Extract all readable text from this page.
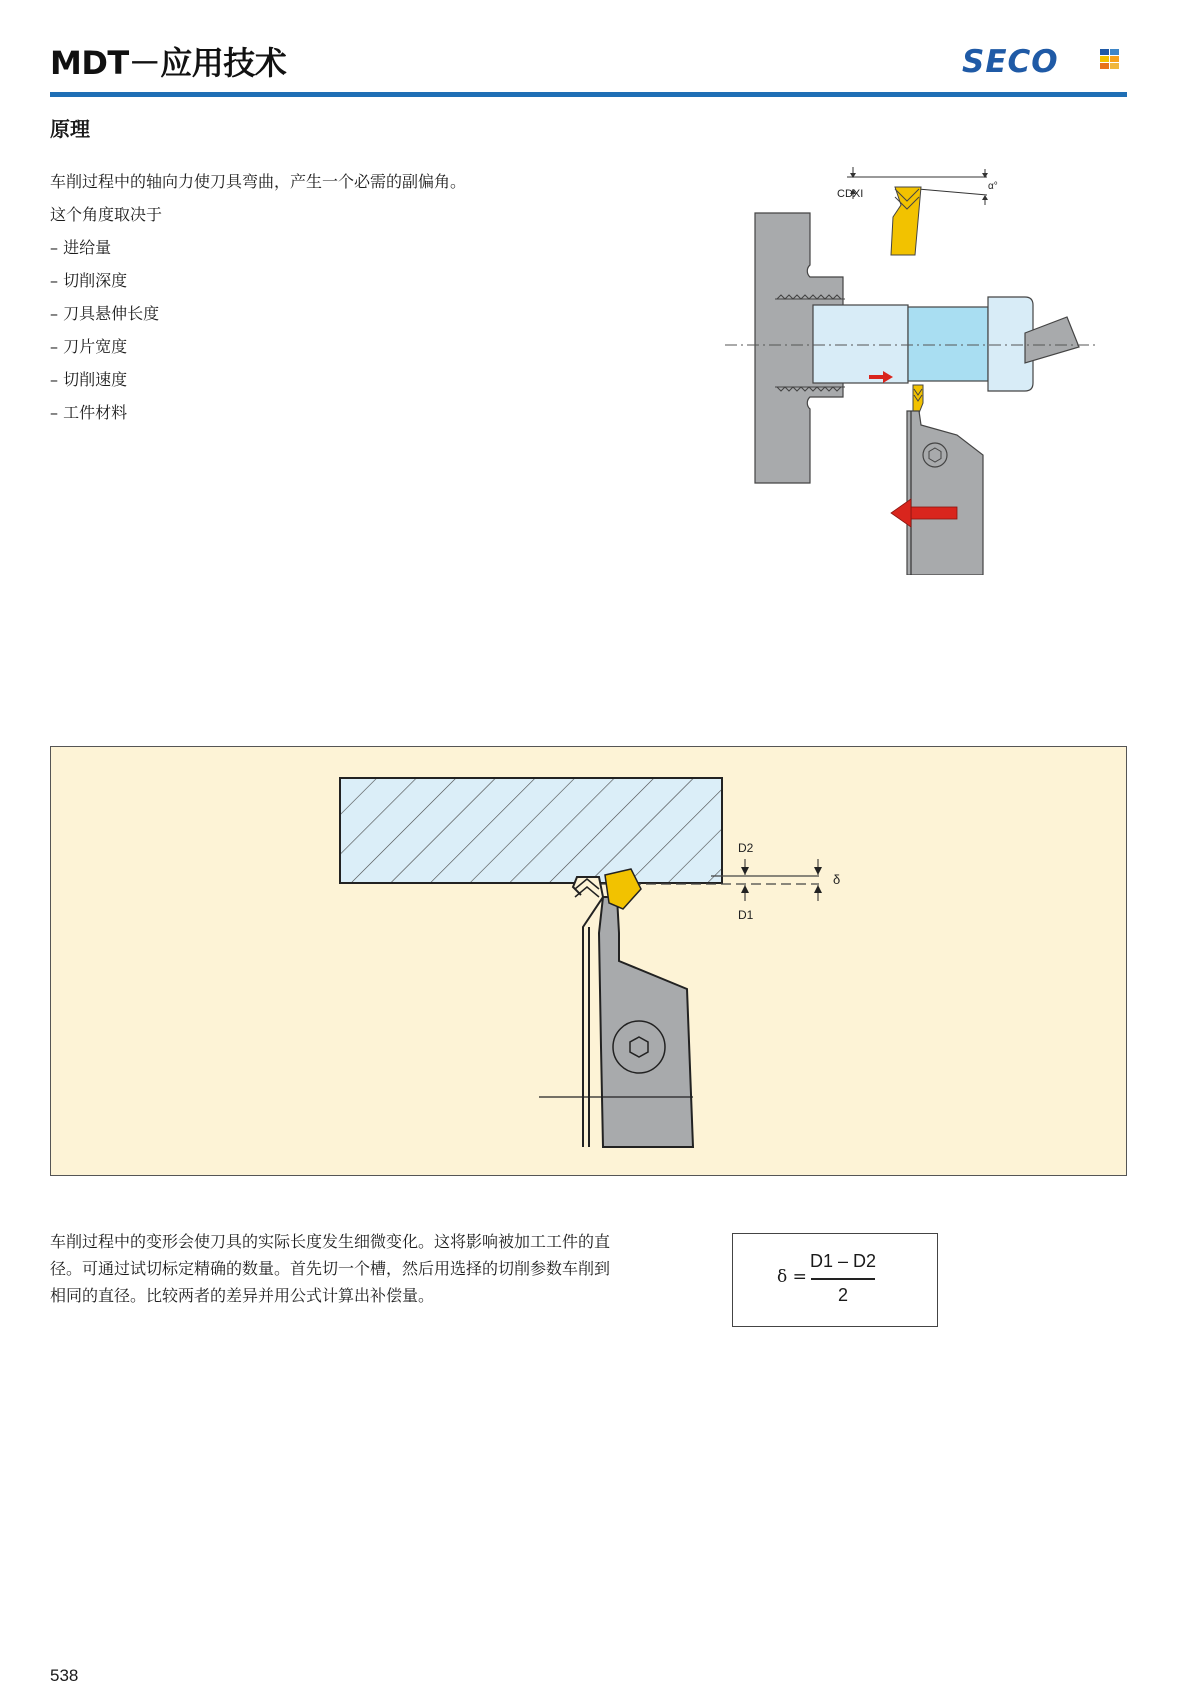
MDT－应用技术	SECO
原理
车削过程中的轴向力使刀具弯曲，产生一个必需的副偏角。
这个角度取决于
– 进给量
– 切削深度
– 刀具悬伸长度
– 刀片宽度
– 切削速度
– 工件材料
CDXI
α°
D2
D1
δ
车削过程中的变形会使刀具的实际长度发生细微变化。这将影响被加工工件的直
径。可通过试切标定精确的数量。首先切一个槽，然后用选择的切削参数车削到
相同的直径。比较两者的差异并用公式计算出补偿量。
δ =
D1 – D2
2
538
